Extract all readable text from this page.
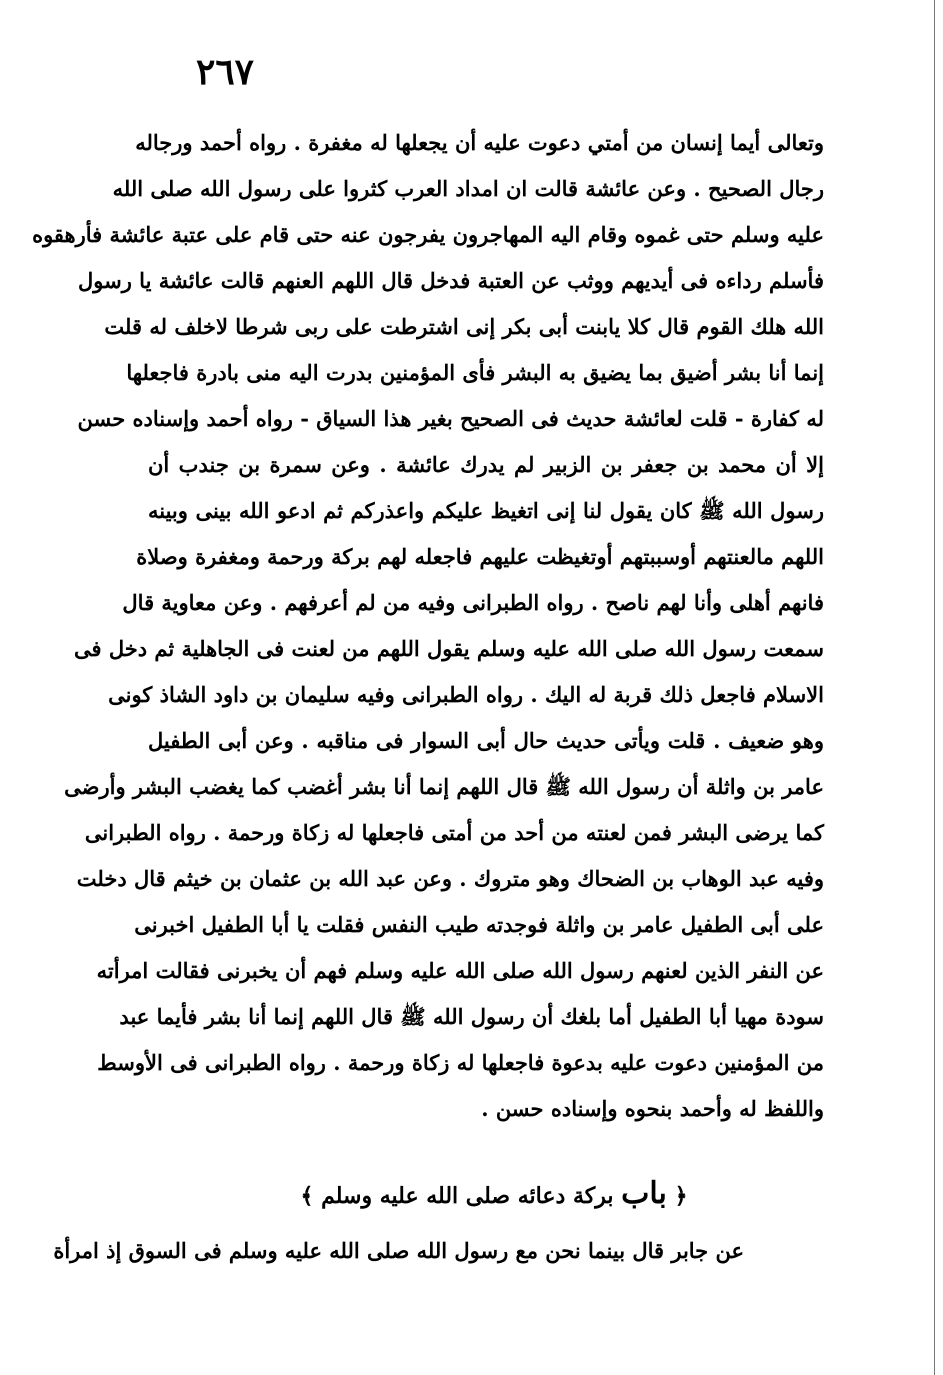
٢٦٧
وتعالى أيما إنسان من أمتي دعوت عليه أن يجعلها له مغفرة . رواه أحمد ورجاله
رجال الصحيح . وعن عائشة قالت ان امداد العرب كثروا على رسول الله صلى الله
عليه وسلم حتى غموه وقام اليه المهاجرون يفرجون عنه حتى قام على عتبة عائشة فأرهقوه
فأسلم رداءه فى أيديهم ووثب عن العتبة فدخل قال اللهم العنهم قالت عائشة يا رسول
الله هلك القوم قال كلا يابنت أبى بكر إنى اشترطت على ربى شرطا لاخلف له قلت
إنما أنا بشر أضيق بما يضيق به البشر فأى المؤمنين بدرت اليه منى بادرة فاجعلها
له كفارة - قلت لعائشة حديث فى الصحيح بغير هذا السياق - رواه أحمد وإسناده حسن
إلا أن محمد بن جعفر بن الزبير لم يدرك عائشة . وعن سمرة بن جندب أن
رسول الله ﷺ كان يقول لنا إنى اتغيظ عليكم واعذركم ثم ادعو الله بينى وبينه
اللهم مالعنتهم أوسببتهم أوتغيظت عليهم فاجعله لهم بركة ورحمة ومغفرة وصلاة
فانهم أهلى وأنا لهم ناصح . رواه الطبرانى وفيه من لم أعرفهم . وعن معاوية قال
سمعت رسول الله صلى الله عليه وسلم يقول اللهم من لعنت فى الجاهلية ثم دخل فى
الاسلام فاجعل ذلك قربة له اليك . رواه الطبرانى وفيه سليمان بن داود الشاذ كونى
وهو ضعيف . قلت ويأتى حديث حال أبى السوار فى مناقبه . وعن أبى الطفيل
عامر بن واثلة أن رسول الله ﷺ قال اللهم إنما أنا بشر أغضب كما يغضب البشر وأرضى
كما يرضى البشر فمن لعنته من أحد من أمتى فاجعلها له زكاة ورحمة . رواه الطبرانى
وفيه عبد الوهاب بن الضحاك وهو متروك . وعن عبد الله بن عثمان بن خيثم قال دخلت
على أبى الطفيل عامر بن واثلة فوجدته طيب النفس فقلت يا أبا الطفيل اخبرنى
عن النفر الذين لعنهم رسول الله صلى الله عليه وسلم فهم أن يخبرنى فقالت امرأته
سودة مهيا أبا الطفيل أما بلغك أن رسول الله ﷺ قال اللهم إنما أنا بشر فأيما عبد
من المؤمنين دعوت عليه بدعوة فاجعلها له زكاة ورحمة . رواه الطبرانى فى الأوسط
واللفظ له وأحمد بنحوه وإسناده حسن .
﴿ باب بركة دعائه صلى الله عليه وسلم ﴾
عن جابر قال بينما نحن مع رسول الله صلى الله عليه وسلم فى السوق إذ امرأة
